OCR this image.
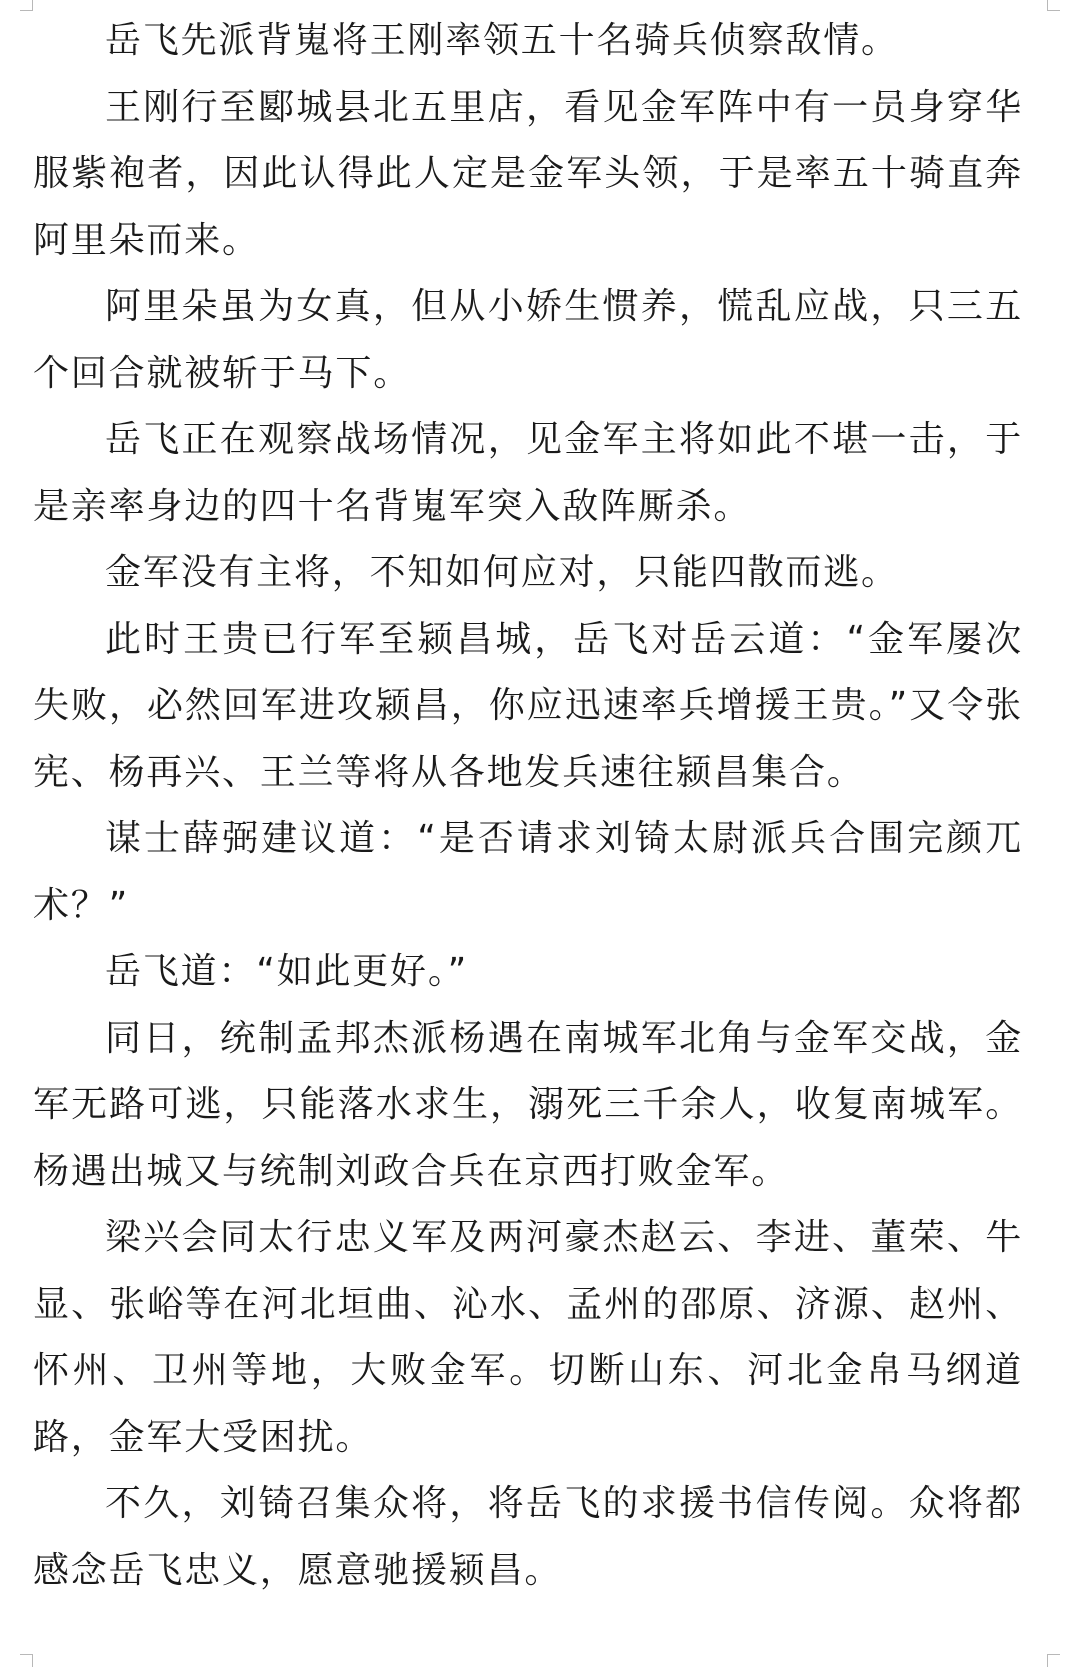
岳飞先派背嵬将王刚率领五十名骑兵侦察敌情。

王刚行至郾城县北五里店，看见金军阵中有一员身穿华服紫袍者，因此认得此人定是金军头领，于是率五十骑直奔阿里朵而来。

阿里朵虽为女真，但从小娇生惯养，慌乱应战，只三五个回合就被斩于马下。

岳飞正在观察战场情况，见金军主将如此不堪一击，于是亲率身边的四十名背嵬军突入敌阵厮杀。

金军没有主将，不知如何应对，只能四散而逃。

此时王贵已行军至颍昌城，岳飞对岳云道：“金军屡次失败，必然回军进攻颍昌，你应迅速率兵增援王贵。”又令张宪、杨再兴、王兰等将从各地发兵速往颍昌集合。

谋士薛弼建议道：“是否请求刘锜太尉派兵合围完颜兀术？”

岳飞道：“如此更好。”

同日，统制孟邦杰派杨遇在南城军北角与金军交战，金军无路可逃，只能落水求生，溺死三千余人，收复南城军。杨遇出城又与统制刘政合兵在京西打败金军。

梁兴会同太行忠义军及两河豪杰赵云、李进、董荣、牛显、张峪等在河北垣曲、沁水、孟州的邵原、济源、赵州、怀州、卫州等地，大败金军。切断山东、河北金帛马纲道路，金军大受困扰。

不久，刘锜召集众将，将岳飞的求援书信传阅。众将都感念岳飞忠义，愿意驰援颍昌。
